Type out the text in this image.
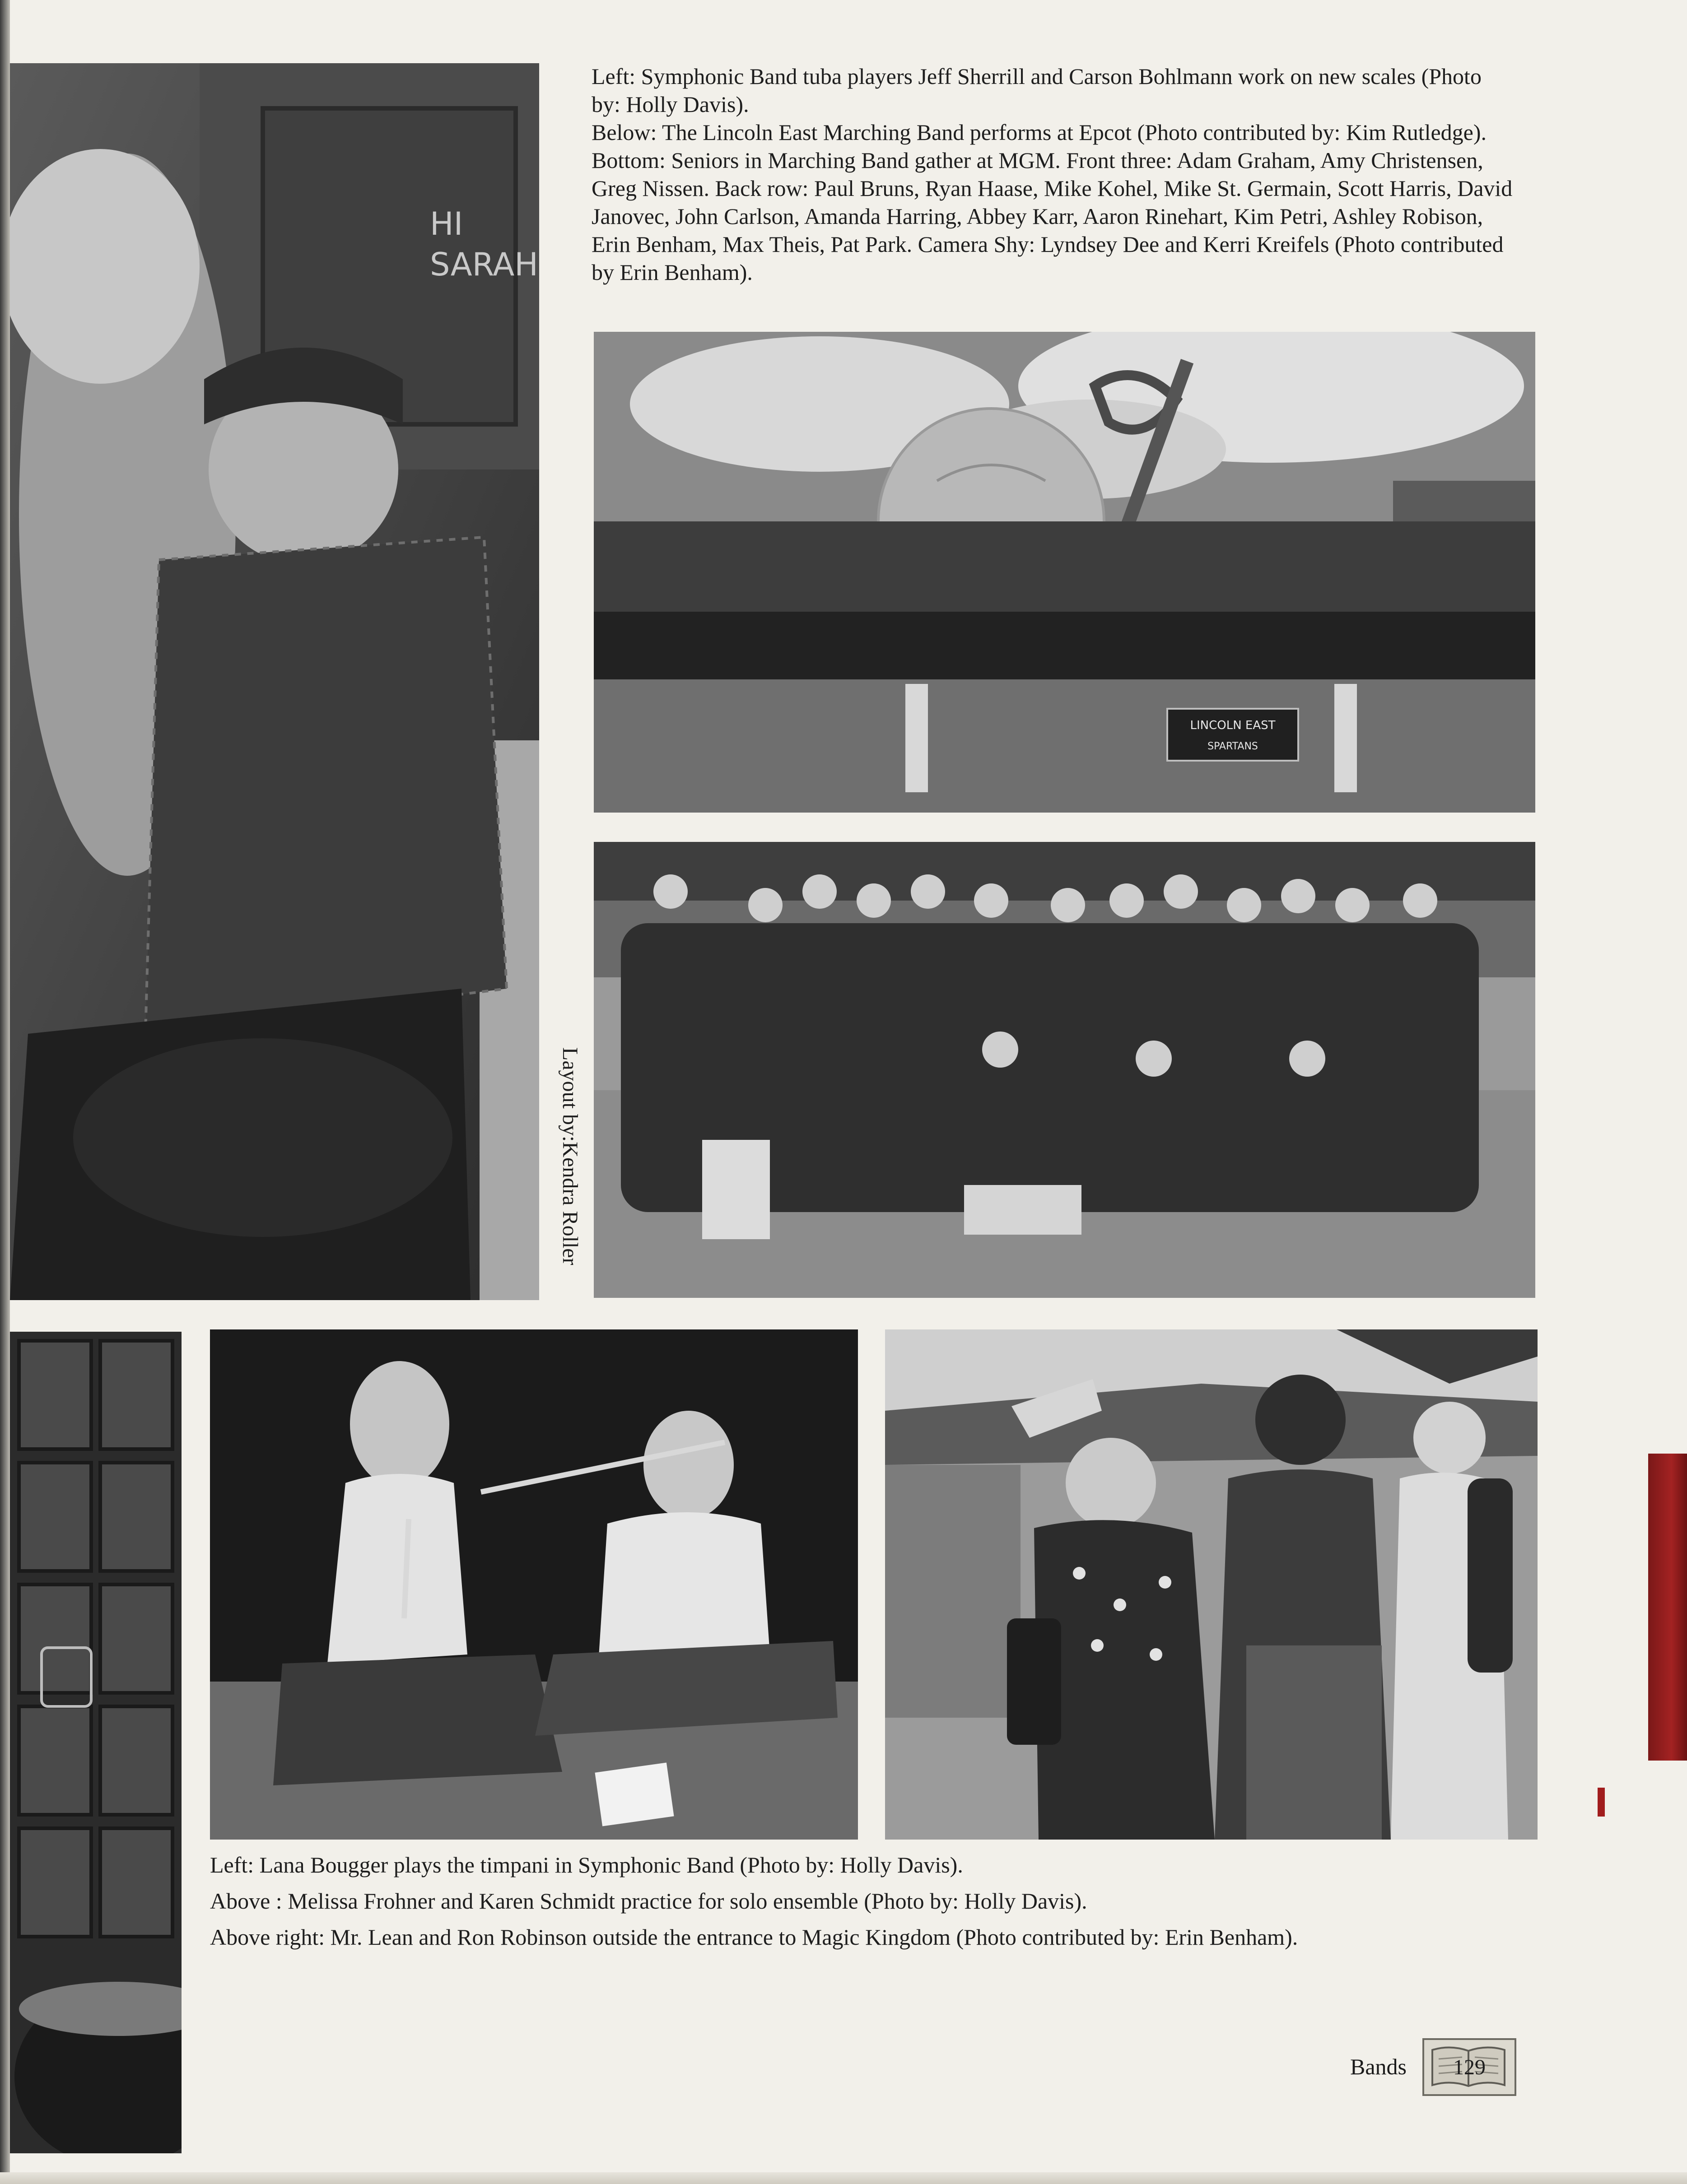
HI
SARAH
Layout by:Kendra Roller

Left: Symphonic Band tuba players Jeff Sherrill and Carson Bohlmann work on new scales (Photo by: Holly Davis).

Below: The Lincoln East Marching Band performs at Epcot (Photo contributed by: Kim Rutledge).

Bottom: Seniors in Marching Band gather at MGM. Front three: Adam Graham, Amy Christensen, Greg Nissen. Back row: Paul Bruns, Ryan Haase, Mike Kohel, Mike St. Germain, Scott Harris, David Janovec, John Carlson, Amanda Harring, Abbey Karr, Aaron Rinehart, Kim Petri, Ashley Robison, Erin Benham, Max Theis, Pat Park. Camera Shy: Lyndsey Dee and Kerri Kreifels (Photo contributed by Erin Benham).

LINCOLN EAST
SPARTANS

Left: Lana Bougger plays the timpani in Symphonic Band (Photo by: Holly Davis).

Above : Melissa Frohner and Karen Schmidt practice for solo ensemble (Photo by: Holly Davis).

Above right: Mr. Lean and Ron Robinson outside the entrance to Magic Kingdom (Photo contributed by: Erin Benham).

Bands 129
